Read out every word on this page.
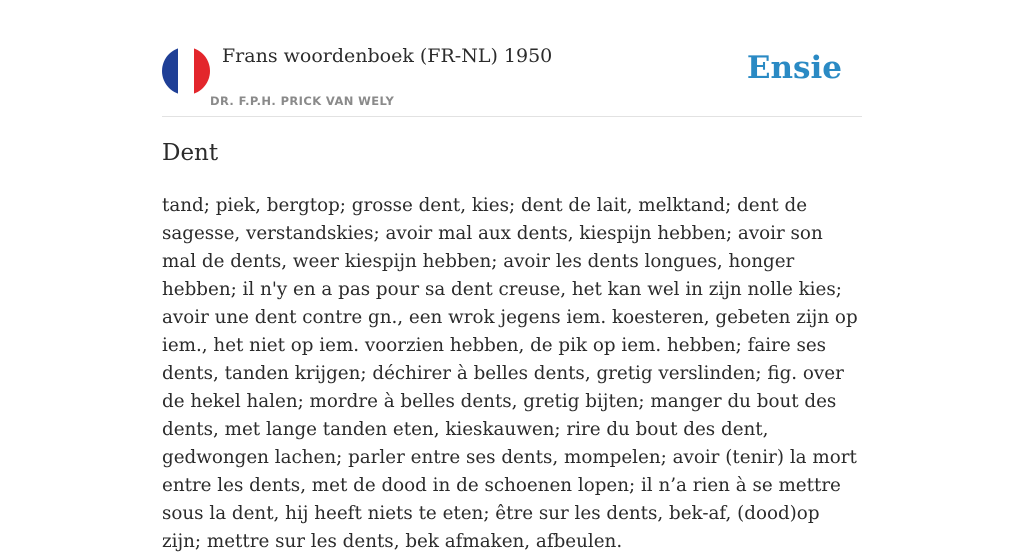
Frans woordenboek (FR-NL) 1950
DR. F.P.H. PRICK VAN WELY
Ensie
Dent

tand; piek, bergtop; grosse dent, kies; dent de lait, melktand; dent de sagesse, verstandskies; avoir mal aux dents, kiespijn hebben; avoir son mal de dents, weer kiespijn hebben; avoir les dents longues, honger hebben; il n'y en a pas pour sa dent creuse, het kan wel in zijn nolle kies; avoir une dent contre gn., een wrok jegens iem. koesteren, gebeten zijn op iem., het niet op iem. voorzien hebben, de pik op iem. hebben; faire ses dents, tanden krijgen; déchirer à belles dents, gretig verslinden; fig. over de hekel halen; mordre à belles dents, gretig bijten; manger du bout des dents, met lange tanden eten, kieskauwen; rire du bout des dent, gedwongen lachen; parler entre ses dents, mompelen; avoir (tenir) la mort entre les dents, met de dood in de schoenen lopen; il n’a rien à se mettre sous la dent, hij heeft niets te eten; être sur les dents, bek-af, (dood)op zijn; mettre sur les dents, bek afmaken, afbeulen.
